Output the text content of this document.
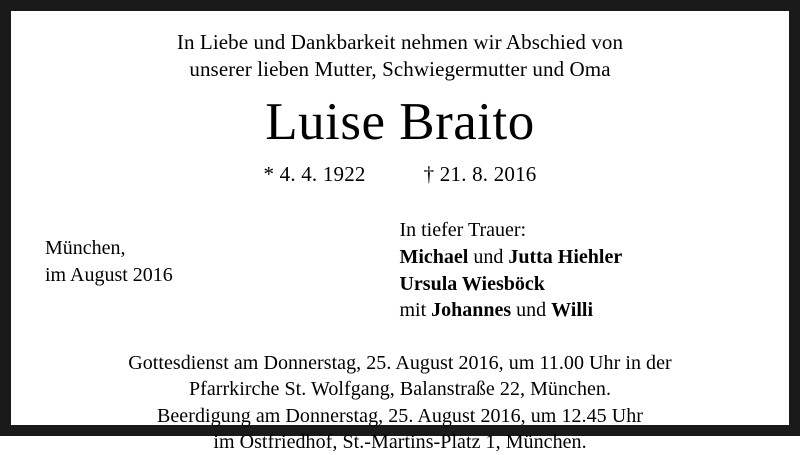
In Liebe und Dankbarkeit nehmen wir Abschied von
unserer lieben Mutter, Schwiegermutter und Oma
Luise Braito
* 4. 4. 1922	† 21. 8. 2016
München,
im August 2016
In tiefer Trauer:
Michael und Jutta Hiehler
Ursula Wiesböck
mit Johannes und Willi
Gottesdienst am Donnerstag, 25. August 2016, um 11.00 Uhr in der
Pfarrkirche St. Wolfgang, Balanstraße 22, München.
Beerdigung am Donnerstag, 25. August 2016, um 12.45 Uhr
im Ostfriedhof, St.-Martins-Platz 1, München.
